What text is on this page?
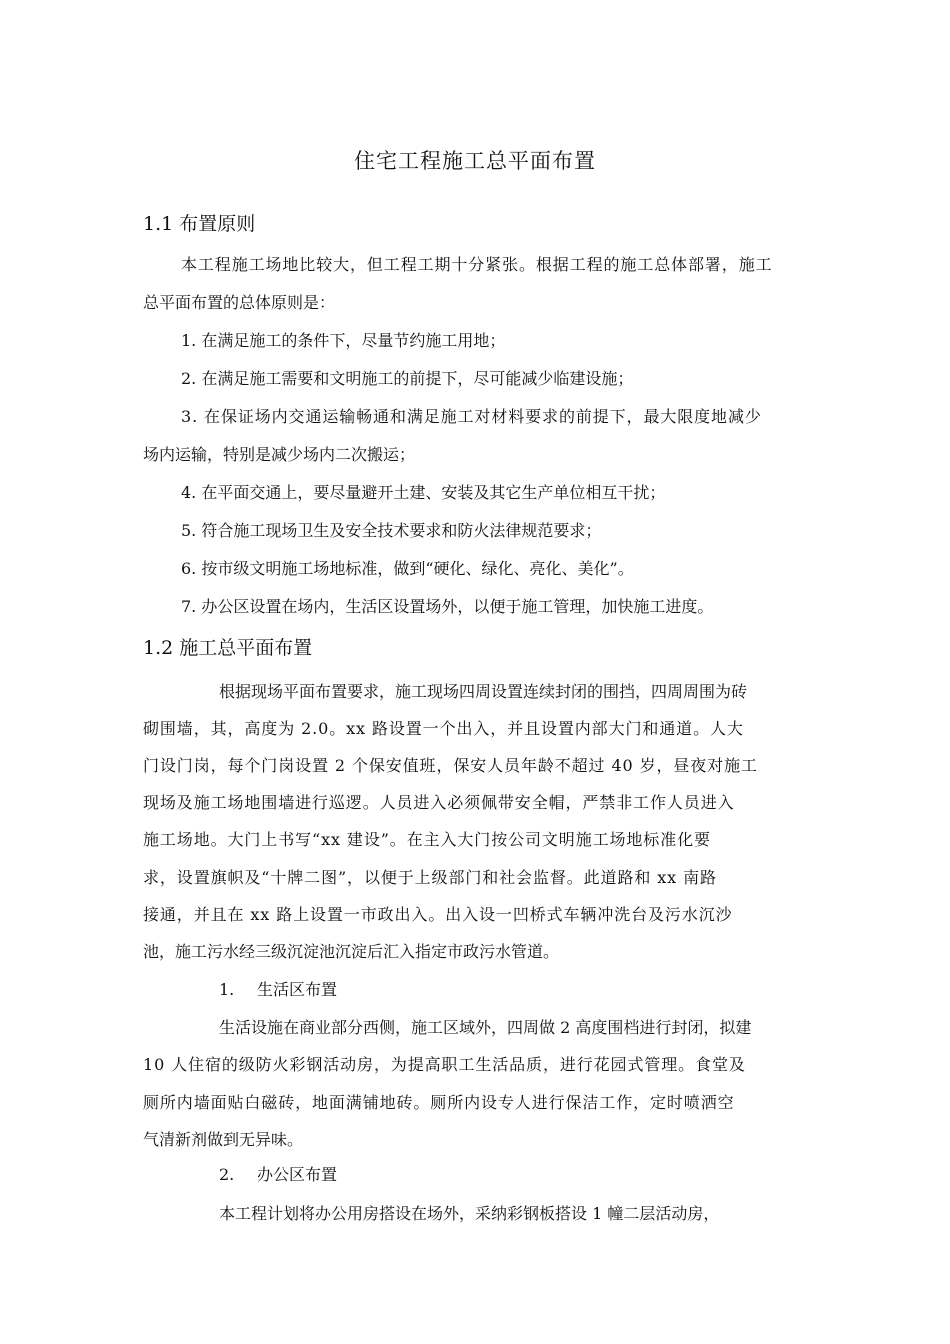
住宅工程施工总平面布置
1.1 布置原则
本工程施工场地比较大，但工程工期十分紧张。根据工程的施工总体部署，施工
总平面布置的总体原则是：
1. 在满足施工的条件下，尽量节约施工用地；
2. 在满足施工需要和文明施工的前提下，尽可能减少临建设施；
3. 在保证场内交通运输畅通和满足施工对材料要求的前提下，最大限度地减少
场内运输，特别是减少场内二次搬运；
4. 在平面交通上，要尽量避开土建、安装及其它生产单位相互干扰；
5. 符合施工现场卫生及安全技术要求和防火法律规范要求；
6. 按市级文明施工场地标准，做到“硬化、绿化、亮化、美化”。
7. 办公区设置在场内，生活区设置场外，以便于施工管理，加快施工进度。
1.2 施工总平面布置
根据现场平面布置要求，施工现场四周设置连续封闭的围挡，四周周围为砖
砌围墙，其，高度为 2.0。xx 路设置一个出入，并且设置内部大门和通道。人大
门设门岗，每个门岗设置 2 个保安值班，保安人员年龄不超过 40 岁，昼夜对施工
现场及施工场地围墙进行巡逻。人员进入必须佩带安全帽，严禁非工作人员进入
施工场地。大门上书写“xx 建设”。在主入大门按公司文明施工场地标准化要
求，设置旗帜及“十牌二图”，以便于上级部门和社会监督。此道路和 xx 南路
接通，并且在 xx 路上设置一市政出入。出入设一凹桥式车辆冲洗台及污水沉沙
池，施工污水经三级沉淀池沉淀后汇入指定市政污水管道。
1. 生活区布置
生活设施在商业部分西侧，施工区域外，四周做 2 高度围档进行封闭，拟建
10 人住宿的级防火彩钢活动房，为提高职工生活品质，进行花园式管理。食堂及
厕所内墙面贴白磁砖，地面满铺地砖。厕所内设专人进行保洁工作，定时喷洒空
气清新剂做到无异味。
2. 办公区布置
本工程计划将办公用房搭设在场外，采纳彩钢板搭设 1 幢二层活动房，
